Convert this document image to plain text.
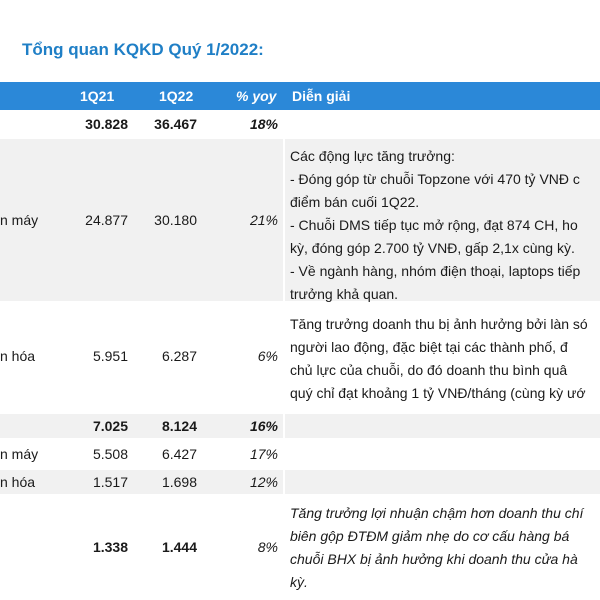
Tổng quan KQKD Quý 1/2022:
1Q21	1Q22	% yoy Diễn giải
30.828 36.467	18%
n máy	24.877 30.180	21%
Các động lực tăng trưởng:
- Đóng góp từ chuỗi Topzone với 470 tỷ VNĐ c
điểm bán cuối 1Q22.
- Chuỗi DMS tiếp tục mở rộng, đạt 874 CH, ho
kỳ, đóng góp 2.700 tỷ VNĐ, gấp 2,1x cùng kỳ.
- Về ngành hàng, nhóm điện thoại, laptops tiếp
trưởng khả quan.
n hóa	5.951 6.287	6%
Tăng trưởng doanh thu bị ảnh hưởng bởi làn só
người lao động, đặc biệt tại các thành phố, đ
chủ lực của chuỗi, do đó doanh thu bình quâ
quý chỉ đạt khoảng 1 tỷ VNĐ/tháng (cùng kỳ ướ
7.025 8.124	16%
n máy	5.508 6.427	17%
n hóa	1.517 1.698	12%
1.338 1.444	8%
Tăng trưởng lợi nhuận chậm hơn doanh thu chí
biên gộp ĐTĐM giảm nhẹ do cơ cấu hàng bá
chuỗi BHX bị ảnh hưởng khi doanh thu cửa hà
kỳ.
